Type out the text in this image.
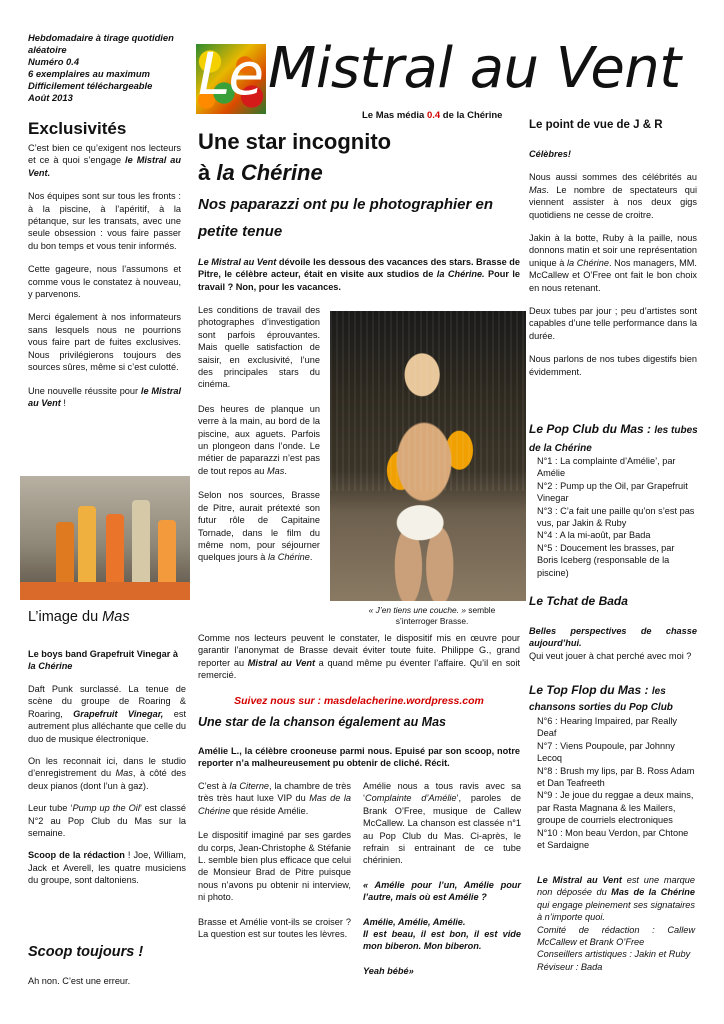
Hebdomadaire à tirage quotidien
aléatoire
Numéro 0.4
6 exemplaires au maximum
Difficilement téléchargeable
Août 2013	Le Mistral au Vent
Le Mas média 0.4 de la Chérine
Exclusivités
C’est bien ce qu’exigent nos lecteurs et ce à quoi s’engage le Mistral au Vent.
Nos équipes sont sur tous les fronts : à la piscine, à l’apéritif, à la pétanque, sur les transats, avec une seule obsession : vous faire passer du bon temps et vous tenir informés.
Cette gageure, nous l’assumons et comme vous le constatez à nouveau, y parvenons.
Merci également à nos informateurs sans lesquels nous ne pourrions vous faire part de fuites exclusives. Nous privilégierons toujours des sources sûres, même si c’est culotté.
Une nouvelle réussite pour le Mistral au Vent !
L’image du Mas
Le boys band Grapefruit Vinegar à la Chérine
Daft Punk surclassé. La tenue de scène du groupe de Roaring & Roaring, Grapefruit Vinegar, est autrement plus alléchante que celle du duo de musique électronique.
On les reconnait ici, dans le studio d’enregistrement du Mas, à côté des deux pianos (dont l’un à gaz).
Leur tube ‘Pump up the Oil’ est classé N°2 au Pop Club du Mas sur la semaine.
Scoop de la rédaction ! Joe, William, Jack et Averell, les quatre musiciens du groupe, sont daltoniens.
Scoop toujours !
Ah non. C’est une erreur.
Une star incognito
à la Chérine
Nos paparazzi ont pu le photographier en petite tenue
Le Mistral au Vent dévoile les dessous des vacances des stars. Brasse de Pitre, le célèbre acteur, était en visite aux studios de la Chérine. Pour le travail ? Non, pour les vacances.
Les conditions de travail des photographes d’investigation sont parfois éprouvantes. Mais quelle satisfaction de saisir, en exclusivité, l’une des principales stars du cinéma.
Des heures de planque un verre à la main, au bord de la piscine, aux aguets. Parfois un plongeon dans l’onde. Le métier de paparazzi n’est pas de tout repos au Mas.
Selon nos sources, Brasse de Pitre, aurait prétexté son futur rôle de Capitaine Tornade, dans le film du même nom, pour séjourner quelques jours à la Chérine.
« J’en tiens une couche. » semble s’interroger Brasse.
Comme nos lecteurs peuvent le constater, le dispositif mis en œuvre pour garantir l’anonymat de Brasse devait éviter toute fuite. Philippe G., grand reporter au Mistral au Vent a quand même pu éventer l’affaire. Qu’il en soit remercié.
Suivez nous sur : masdelacherine.wordpress.com
Une star de la chanson également au Mas
Amélie L., la célèbre crooneuse parmi nous. Epuisé par son scoop, notre reporter n’a malheureusement pu obtenir de cliché. Récit.
C’est à la Citerne, la chambre de très très très haut luxe VIP du Mas de la Chérine que réside Amélie.
Le dispositif imaginé par ses gardes du corps, Jean-Christophe & Stéfanie L. semble bien plus efficace que celui de Monsieur Brad de Pitre puisque nous n’avons pu obtenir ni interview, ni photo.
Brasse et Amélie vont-ils se croiser ? La question est sur toutes les lèvres.
Amélie nous a tous ravis avec sa ‘Complainte d’Amélie’, paroles de Brank O’Free, musique de Callew McCallew. La chanson est classée n°1 au Pop Club du Mas. Ci-après, le refrain si entrainant de ce tube chérinien.
« Amélie pour l’un, Amélie pour l’autre, mais où est Amélie ?
Amélie, Amélie, Amélie.
Il est beau, il est bon, il est vide mon biberon. Mon biberon.
Yeah bébé»
Le point de vue de J & R
Célèbres!
Nous aussi sommes des célébrités au Mas. Le nombre de spectateurs qui viennent assister à nos deux gigs quotidiens ne cesse de croitre.
Jakin à la botte, Ruby à la paille, nous donnons matin et soir une représentation unique à la Chérine. Nos managers, MM. McCallew et O’Free ont fait le bon choix en nous retenant.
Deux tubes par jour ; peu d’artistes sont capables d’une telle performance dans la durée.
Nous parlons de nos tubes digestifs bien évidemment.
Le Pop Club du Mas : les tubes de la Chérine
N°1 : La complainte d’Amélie’, par Amélie
N°2 : Pump up the Oil, par Grapefruit Vinegar
N°3 : C’a fait une paille qu’on s’est pas vus, par Jakin & Ruby
N°4 : A la mi-août, par Bada
N°5 : Doucement les brasses, par Boris Iceberg (responsable de la piscine)
Le Tchat de Bada
Belles perspectives de chasse aujourd’hui.
Qui veut jouer à chat perché avec moi ?
Le Top Flop du Mas : les chansons sorties du Pop Club
N°6 : Hearing Impaired, par Really Deaf
N°7 : Viens Poupoule, par Johnny Lecoq
N°8 : Brush my lips, par B. Ross Adam et Dan Teafreeth
N°9 : Je joue du reggae a deux mains, par Rasta Magnana & les Mailers, groupe de courriels electroniques
N°10 : Mon beau Verdon, par Chtone et Sardaigne
Le Mistral au Vent est une marque non déposée du Mas de la Chérine qui engage pleinement ses signataires à n’importe quoi.
Comité de rédaction : Callew McCallew et Brank O’Free
Conseillers artistiques : Jakin et Ruby
Réviseur : Bada
